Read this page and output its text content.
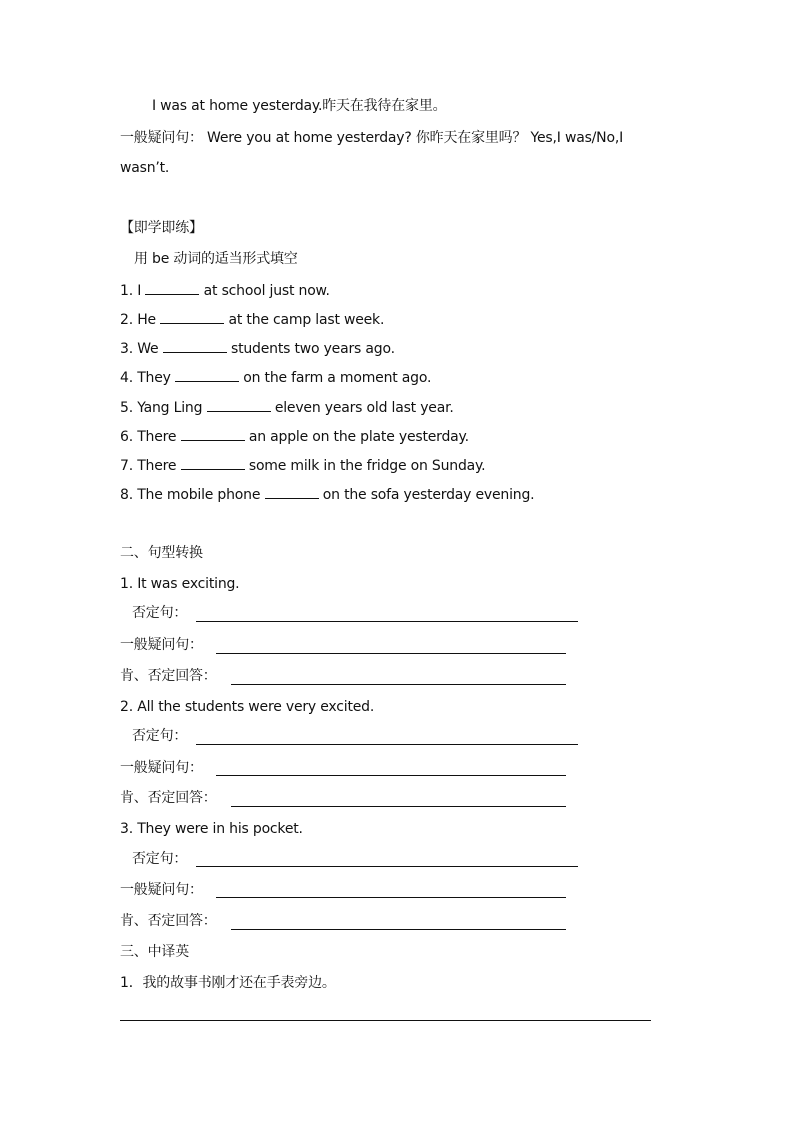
I was at home yesterday.昨天在我待在家里。
一般疑问句： Were you at home yesterday? 你昨天在家里吗？ Yes,I was/No,I
wasn’t.
【即学即练】
用 be 动词的适当形式填空
1. I	at school just now.
2. He	at the camp last week.
3. We	students two years ago.
4. They	on the farm a moment ago.
5. Yang Ling	eleven years old last year.
6. There	an apple on the plate yesterday.
7. There	some milk in the fridge on Sunday.
8. The mobile phone	on the sofa yesterday evening.
二、句型转换
1. It was exciting.
否定句：
一般疑问句：
肯、否定回答：
2. All the students were very excited.
否定句：
一般疑问句：
肯、否定回答：
3. They were in his pocket.
否定句：
一般疑问句：
肯、否定回答：
三、中译英
1．我的故事书刚才还在手表旁边。
